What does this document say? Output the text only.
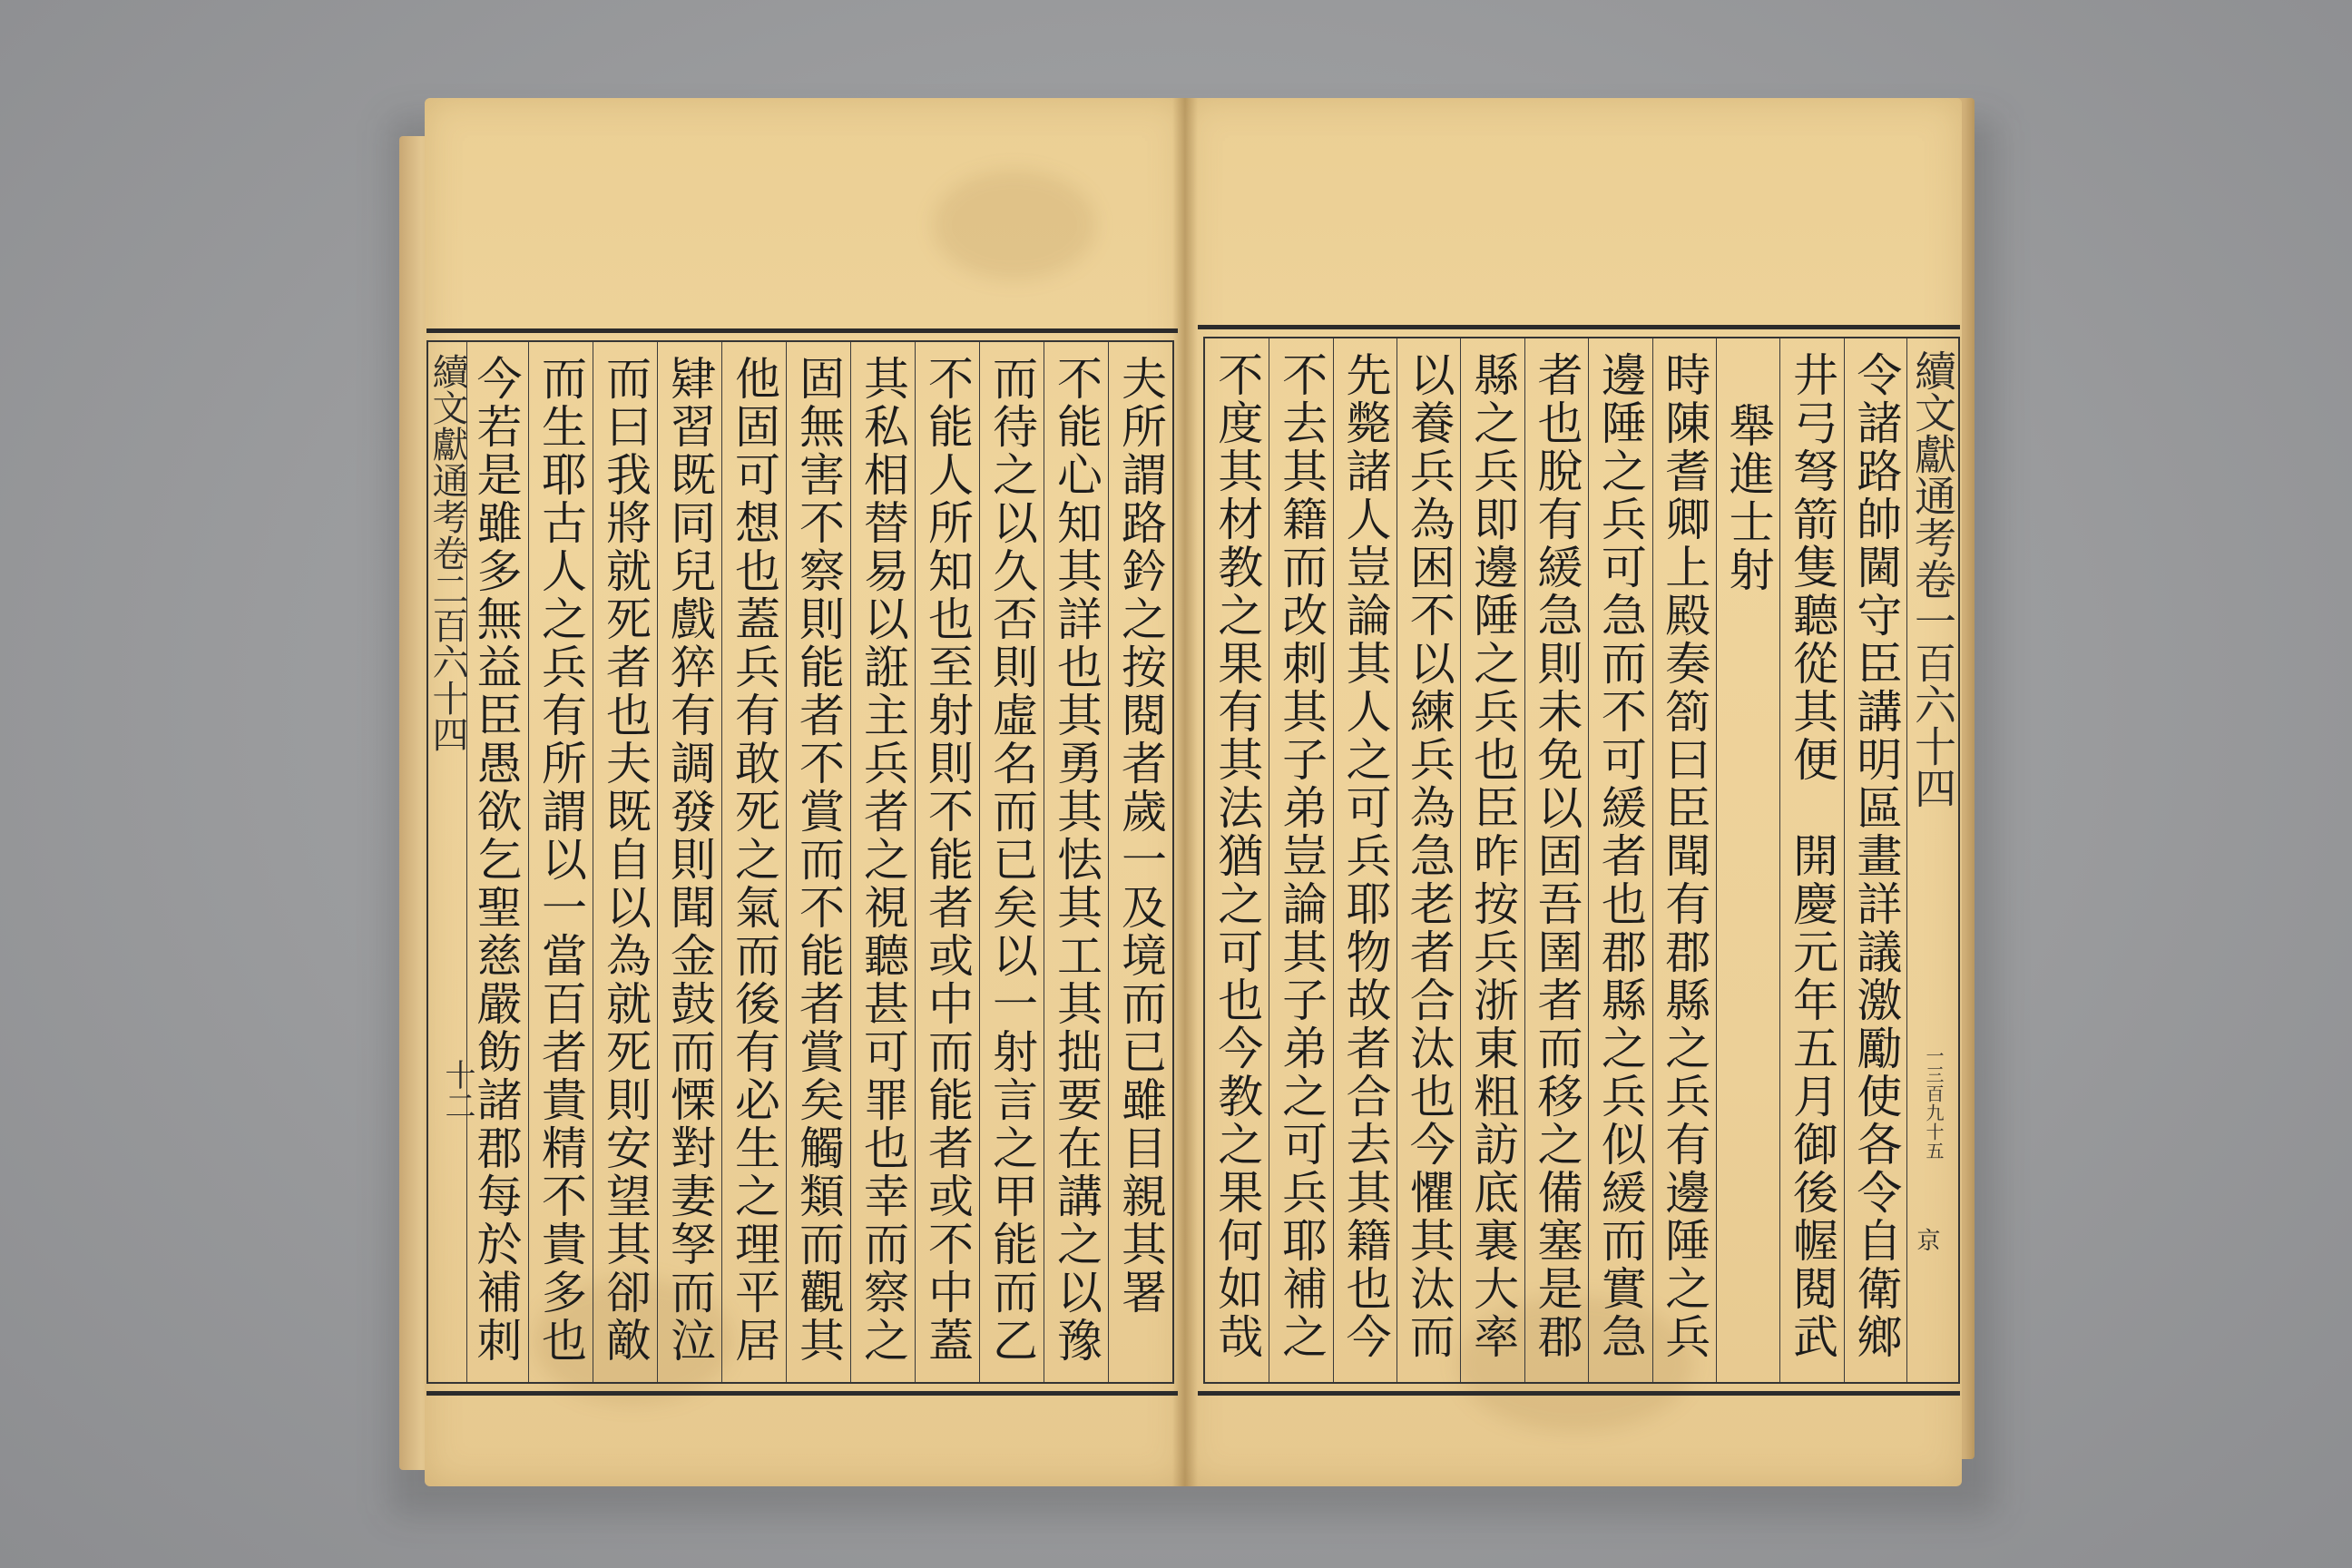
續文獻通考卷二百六十四
十二	夫所謂路鈐之按閱者歲一及境而已雖目親其署
不能心知其詳也其勇其怯其工其拙要在講之以豫
而待之以久否則虛名而已矣以一射言之甲能而乙
不能人所知也至射則不能者或中而能者或不中蓋
其私相替易以誑主兵者之視聽甚可罪也幸而察之
固無害不察則能者不賞而不能者賞矣觸類而觀其
他固可想也蓋兵有敢死之氣而後有必生之理平居
肄習既同兒戲猝有調發則聞金鼓而慄對妻孥而泣
而曰我將就死者也夫既自以為就死則安望其卻敵
而生耶古人之兵有所謂以一當百者貴精不貴多也
今若是雖多無益臣愚欲乞聖慈嚴飭諸郡每於補刺	續文獻通考卷一百六十四
一三百九十五
京
令諸路帥閫守臣講明區畫詳議激勵使各令自衛鄉
井弓弩箭隻聽從其便　開慶元年五月御後幄閱武
舉進士射
時陳耆卿上殿奏箚曰臣聞有郡縣之兵有邊陲之兵
邊陲之兵可急而不可緩者也郡縣之兵似緩而實急
者也脫有緩急則未免以固吾圉者而移之備塞是郡
縣之兵即邊陲之兵也臣昨按兵浙東粗訪底裏大率
以養兵為困不以練兵為急老者合汰也今懼其汰而
先斃諸人豈論其人之可兵耶物故者合去其籍也今
不去其籍而改刺其子弟豈論其子弟之可兵耶補之
不度其材教之果有其法猶之可也今教之果何如哉
